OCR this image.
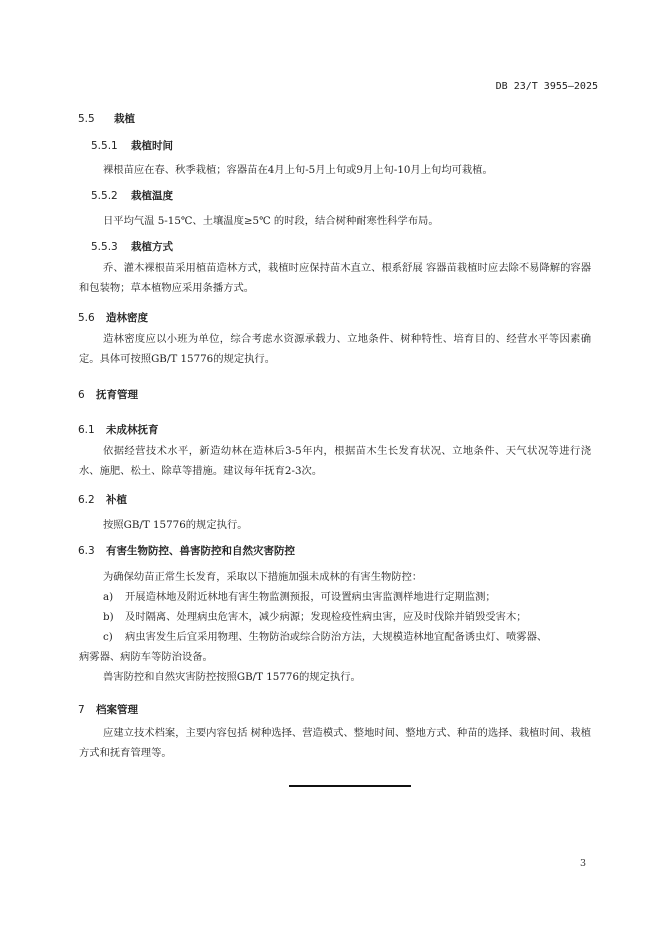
DB 23/T 3955—2025
5.5 栽植
5.5.1 栽植时间
裸根苗应在春、秋季栽植；容器苗在4月上旬-5月上旬或9月上旬-10月上旬均可栽植。
5.5.2 栽植温度
日平均气温 5-15℃、土壤温度≥5℃ 的时段，结合树种耐寒性科学布局。
5.5.3 栽植方式
乔、灌木裸根苗采用植苗造林方式，栽植时应保持苗木直立、根系舒展 容器苗栽植时应去除不易降解的容器和包装物；草本植物应采用条播方式。
5.6 造林密度
造林密度应以小班为单位，综合考虑水资源承载力、立地条件、树种特性、培育目的、经营水平等因素确定。具体可按照GB/T 15776的规定执行。
6 抚育管理
6.1 未成林抚育
依据经营技术水平，新造幼林在造林后3-5年内，根据苗木生长发育状况、立地条件、天气状况等进行浇水、施肥、松土、除草等措施。建议每年抚育2-3次。
6.2 补植
按照GB/T 15776的规定执行。
6.3 有害生物防控、兽害防控和自然灾害防控
为确保幼苗正常生长发育，采取以下措施加强未成林的有害生物防控：
a) 开展造林地及附近林地有害生物监测预报，可设置病虫害监测样地进行定期监测；
b) 及时隔离、处理病虫危害木，减少病源；发现检疫性病虫害，应及时伐除并销毁受害木；
c) 病虫害发生后宜采用物理、生物防治或综合防治方法，大规模造林地宜配备诱虫灯、喷雾器、
病雾器、病防车等防治设备。
兽害防控和自然灾害防控按照GB/T 15776的规定执行。
7 档案管理
应建立技术档案，主要内容包括 树种选择、营造模式、整地时间、整地方式、种苗的选择、栽植时间、栽植方式和抚育管理等。
3
